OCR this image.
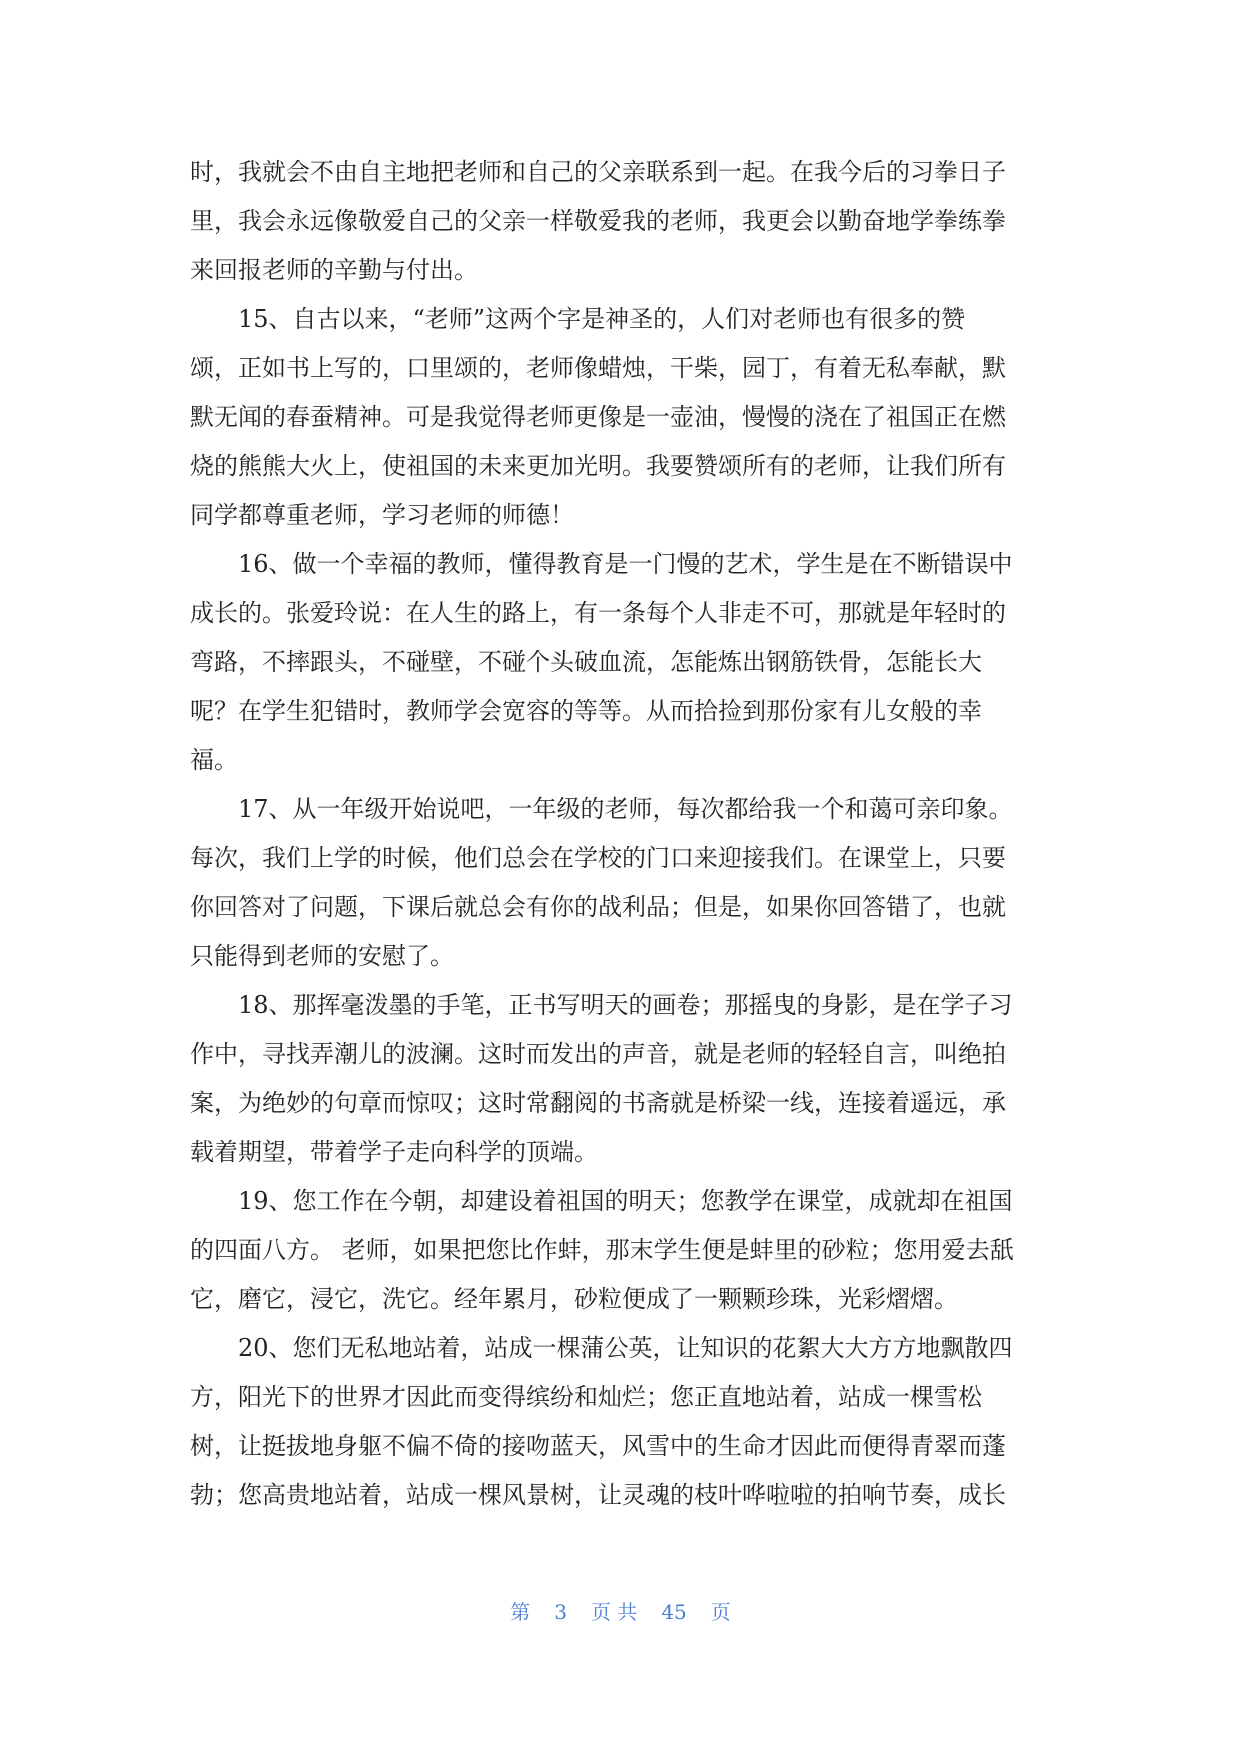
时，我就会不由自主地把老师和自己的父亲联系到一起。在我今后的习拳日子
里，我会永远像敬爱自己的父亲一样敬爱我的老师，我更会以勤奋地学拳练拳
来回报老师的辛勤与付出。
　　15、自古以来，“老师”这两个字是神圣的，人们对老师也有很多的赞
颂，正如书上写的，口里颂的，老师像蜡烛，干柴，园丁，有着无私奉献，默
默无闻的春蚕精神。可是我觉得老师更像是一壶油，慢慢的浇在了祖国正在燃
烧的熊熊大火上，使祖国的未来更加光明。我要赞颂所有的老师，让我们所有
同学都尊重老师，学习老师的师德！
　　16、做一个幸福的教师，懂得教育是一门慢的艺术，学生是在不断错误中
成长的。张爱玲说：在人生的路上，有一条每个人非走不可，那就是年轻时的
弯路，不摔跟头，不碰壁，不碰个头破血流，怎能炼出钢筋铁骨，怎能长大
呢？在学生犯错时，教师学会宽容的等等。从而拾捡到那份家有儿女般的幸
福。
　　17、从一年级开始说吧，一年级的老师，每次都给我一个和蔼可亲印象。
每次，我们上学的时候，他们总会在学校的门口来迎接我们。在课堂上，只要
你回答对了问题，下课后就总会有你的战利品；但是，如果你回答错了，也就
只能得到老师的安慰了。
　　18、那挥毫泼墨的手笔，正书写明天的画卷；那摇曳的身影，是在学子习
作中，寻找弄潮儿的波澜。这时而发出的声音，就是老师的轻轻自言，叫绝拍
案，为绝妙的句章而惊叹；这时常翻阅的书斋就是桥梁一线，连接着遥远，承
载着期望，带着学子走向科学的顶端。
　　19、您工作在今朝，却建设着祖国的明天；您教学在课堂，成就却在祖国
的四面八方。 老师，如果把您比作蚌，那末学生便是蚌里的砂粒；您用爱去舐
它，磨它，浸它，洗它。经年累月，砂粒便成了一颗颗珍珠，光彩熠熠。
　　20、您们无私地站着，站成一棵蒲公英，让知识的花絮大大方方地飘散四
方，阳光下的世界才因此而变得缤纷和灿烂；您正直地站着，站成一棵雪松
树，让挺拔地身躯不偏不倚的接吻蓝天，风雪中的生命才因此而便得青翠而蓬
勃；您高贵地站着，站成一棵风景树，让灵魂的枝叶哗啦啦的拍响节奏，成长
第 3 页 共 45 页
